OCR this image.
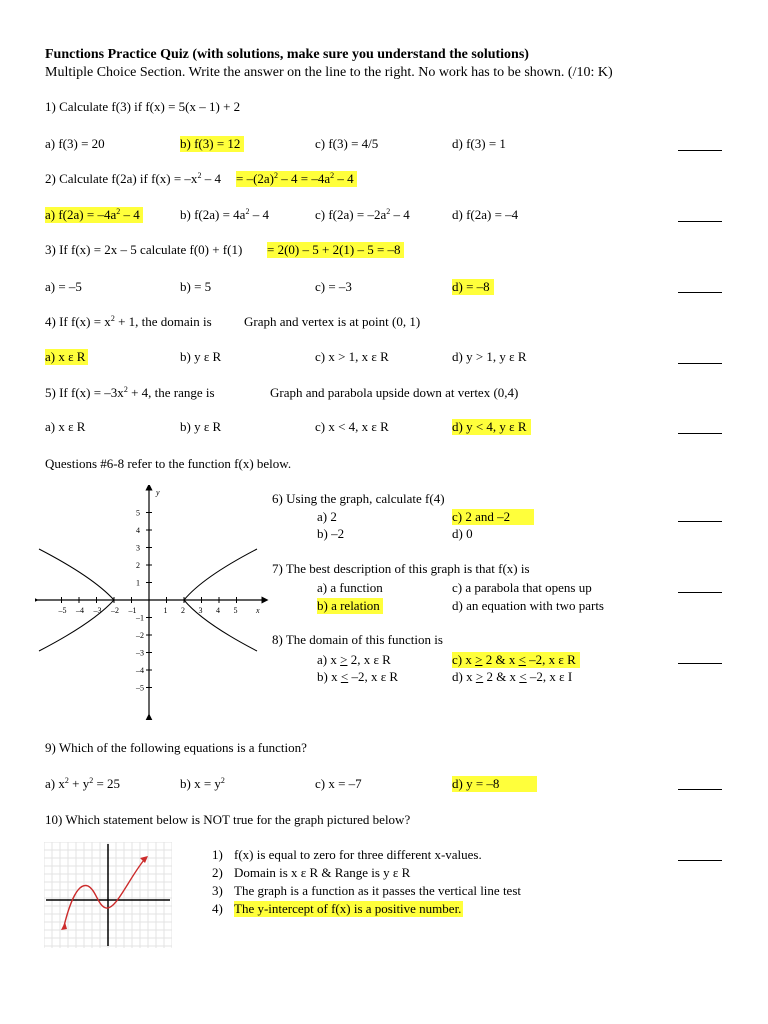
Functions Practice Quiz (with solutions, make sure you understand the solutions)
Multiple Choice Section. Write the answer on the line to the right. No work has to be shown. (/10: K)
1) Calculate f(3) if f(x) = 5(x – 1) + 2
a) f(3) = 20	b) f(3) = 12	c) f(3) = 4/5	d) f(3) = 1
2) Calculate f(2a) if $f(x) = -x^2 - 4 = -(2a)^2 - 4 = -4a^2 - 4$
a) $f(2a) = -4a^2 - 4$	b) $f(2a) = 4a^2 - 4$	c) $f(2a) = -2a^2 - 4$	d) f(2a) = –4
3) If f(x) = 2x – 5 calculate f(0) + f(1) = 2(0) – 5 + 2(1) – 5 = –8
a) = –5	b) = 5	c) = –3	d) = –8
4) If $f(x) = x^2 + 1$, the domain is Graph and vertex is at point (0, 1)
a) x ε R	b) y ε R	c) x > 1, x ε R	d) y > 1, y ε R
5) If $f(x) = -3x^2 + 4$, the range is	Graph and parabola upside down at vertex (0,4)
a) x ε R	b) y ε R	c) x < 4, x ε R	d) y < 4, y ε R
Questions #6-8 refer to the function f(x) below.
–5 –4 –3 –2 –1	1 2 3 4 5
5
4
3
2
1
–1
–2
–3
–4
–5
x
y	6) Using the graph, calculate f(4)
a) 2	c) 2 and –2
b) –2	d) 0
7) The best description of this graph is that f(x) is
a) a function	c) a parabola that opens up
b) a relation	d) an equation with two parts
8) The domain of this function is
a) x > 2, x ε R	c) x > 2 & x < –2, x ε R
b) x < –2, x ε R	d) x > 2 & x < –2, x ε I
9) Which of the following equations is a function?
a) $x^2 + y^2 = 25$	b) $x = y^2$	c) x = –7	d) y = –8
10) Which statement below is NOT true for the graph pictured below?
1) f(x) is equal to zero for three different x-values.
2) Domain is x ε R & Range is y ε R
3) The graph is a function as it passes the vertical line test
4) The y-intercept of f(x) is a positive number.
